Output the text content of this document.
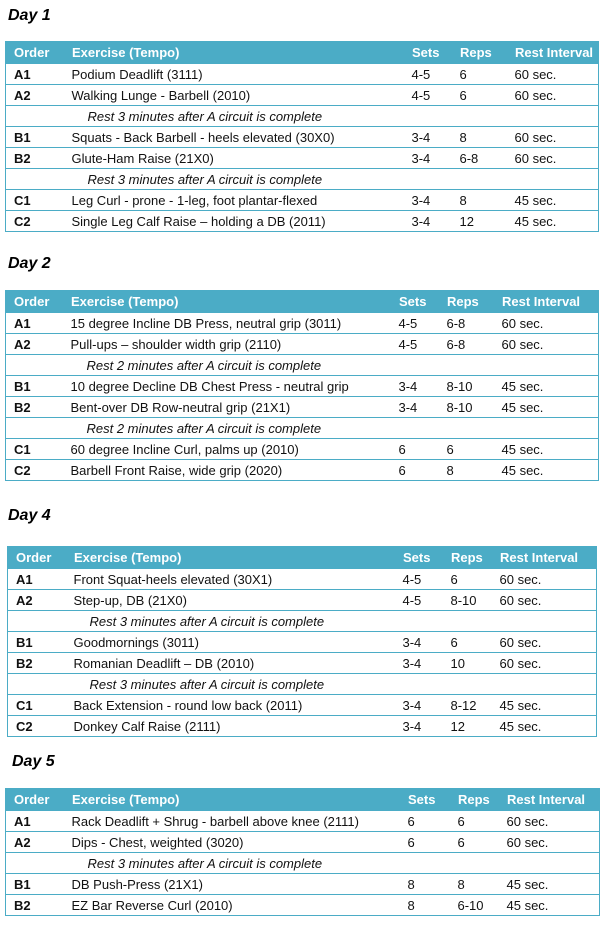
Day 1
Order	Exercise (Tempo)	Sets	Reps	Rest Interval
A1	Podium Deadlift (3111)	4-5	6	60 sec.
A2	Walking Lunge - Barbell (2010)	4-5	6	60 sec.
	Rest 3 minutes after A circuit is complete			
B1	Squats - Back Barbell - heels elevated (30X0)	3-4	8	60 sec.
B2	Glute-Ham Raise (21X0)	3-4	6-8	60 sec.
	Rest 3 minutes after A circuit is complete			
C1	Leg Curl - prone - 1-leg, foot plantar-flexed	3-4	8	45 sec.
C2	Single Leg Calf Raise – holding a DB (2011)	3-4	12	45 sec.
Day 2
Order	Exercise (Tempo)	Sets	Reps	Rest Interval
A1	15 degree Incline DB Press, neutral grip (3011)	4-5	6-8	60 sec.
A2	Pull-ups – shoulder width grip (2110)	4-5	6-8	60 sec.
	Rest 2 minutes after A circuit is complete			
B1	10 degree Decline DB Chest Press - neutral grip	3-4	8-10	45 sec.
B2	Bent-over DB Row-neutral grip (21X1)	3-4	8-10	45 sec.
	Rest 2 minutes after A circuit is complete			
C1	60 degree Incline Curl, palms up (2010)	6	6	45 sec.
C2	Barbell Front Raise, wide grip (2020)	6	8	45 sec.
Day 4
Order	Exercise (Tempo)	Sets	Reps	Rest Interval
A1	Front Squat-heels elevated (30X1)	4-5	6	60 sec.
A2	Step-up, DB (21X0)	4-5	8-10	60 sec.
	Rest 3 minutes after A circuit is complete			
B1	Goodmornings (3011)	3-4	6	60 sec.
B2	Romanian Deadlift – DB (2010)	3-4	10	60 sec.
	Rest 3 minutes after A circuit is complete			
C1	Back Extension - round low back (2011)	3-4	8-12	45 sec.
C2	Donkey Calf Raise (2111)	3-4	12	45 sec.
Day 5
Order	Exercise (Tempo)	Sets	Reps	Rest Interval
A1	Rack Deadlift + Shrug - barbell above knee (2111)	6	6	60 sec.
A2	Dips - Chest, weighted (3020)	6	6	60 sec.
	Rest 3 minutes after A circuit is complete			
B1	DB Push-Press (21X1)	8	8	45 sec.
B2	EZ Bar Reverse Curl (2010)	8	6-10	45 sec.
